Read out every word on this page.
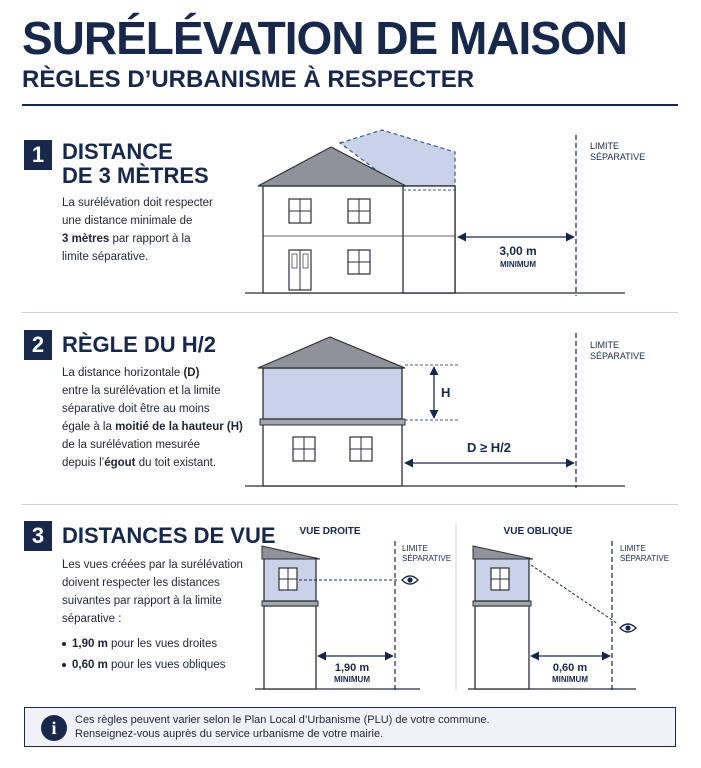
SURÉLÉVATION DE MAISON
RÈGLES D’URBANISME À RESPECTER
1 DISTANCE
DE 3 MÈTRES
La surélévation doit respecter
une distance minimale de
3 mètres par rapport à la
limite séparative.
2 RÈGLE DU H/2
La distance horizontale (D)
entre la surélévation et la limite
séparative doit être au moins
égale à la moitié de la hauteur (H)
de la surélévation mesurée
depuis l’égout du toit existant.
3 DISTANCES DE VUE
Les vues créées par la surélévation
doivent respecter les distances
suivantes par rapport à la limite
séparative :
1,90 m pour les vues droites
0,60 m pour les vues obliques
LIMITE
SÉPARATIVE
3,00 m
MINIMUM
H
LIMITE
SÉPARATIVE
D ≥ H/2
VUE DROITE
LIMITE
SÉPARATIVE
1,90 m
MINIMUM
VUE OBLIQUE
LIMITE
SÉPARATIVE
0,60 m
MINIMUM
i	Ces règles peuvent varier selon le Plan Local d’Urbanisme (PLU) de votre commune.
Renseignez-vous auprès du service urbanisme de votre mairie.
